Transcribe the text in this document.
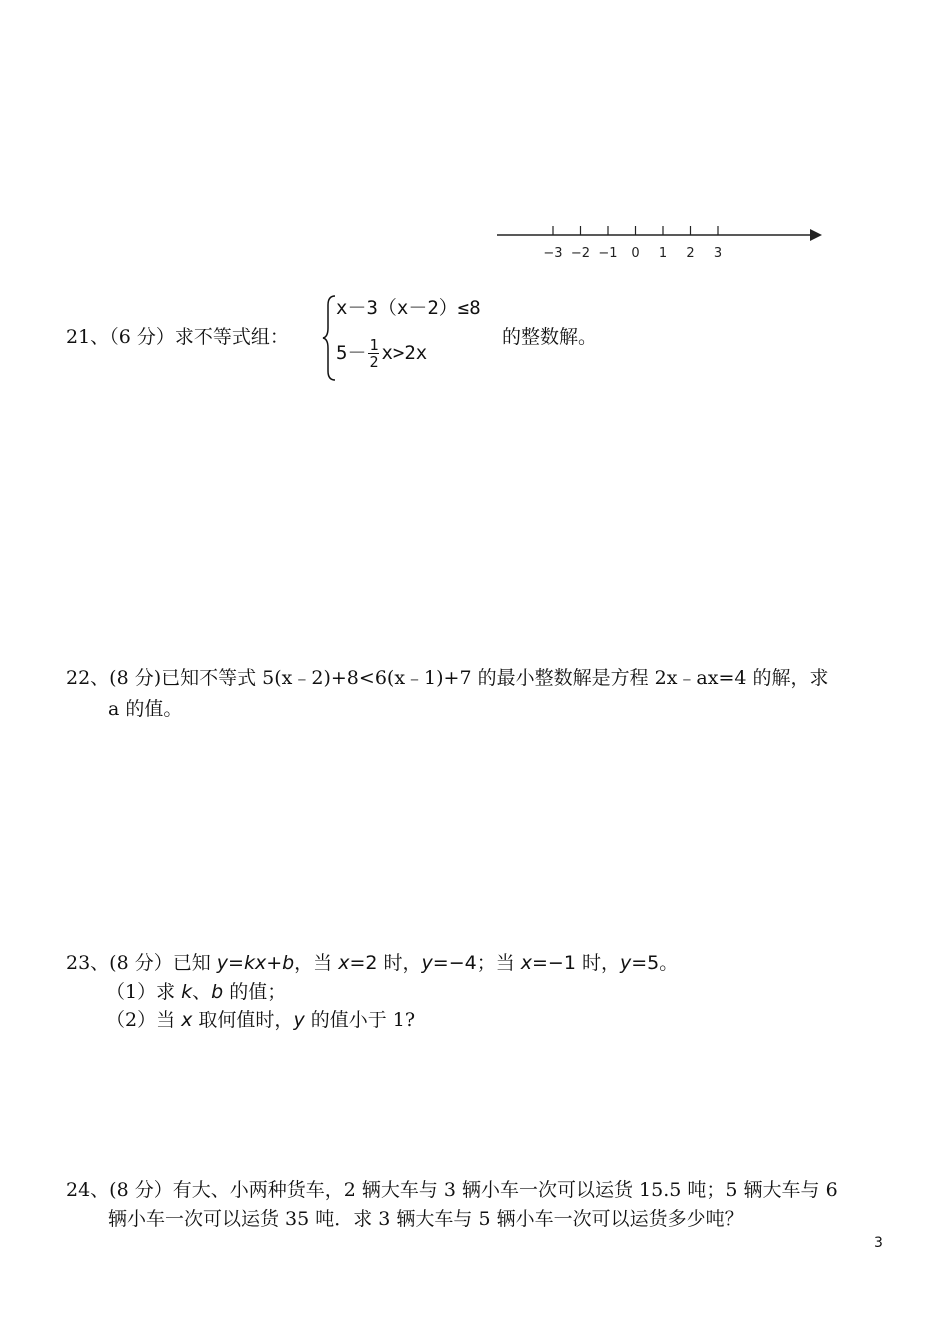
−3 −2 −1 0 1 2 3
21、（6 分）求不等式组：
x－3（x－2）≤8
$5- \frac{1}{2} x>2x$
的整数解。
22、(8 分)已知不等式 5(x﹣2)+8<6(x﹣1)+7 的最小整数解是方程 2x﹣ax=4 的解，求
a 的值。
23、(8 分）已知 y=kx+b，当 x=2 时，y=−4；当 x=−1 时，y=5。
（1）求 k、b 的值；
（2）当 x 取何值时，y 的值小于 1?
24、(8 分）有大、小两种货车，2 辆大车与 3 辆小车一次可以运货 15.5 吨；5 辆大车与 6
辆小车一次可以运货 35 吨．求 3 辆大车与 5 辆小车一次可以运货多少吨？
3
